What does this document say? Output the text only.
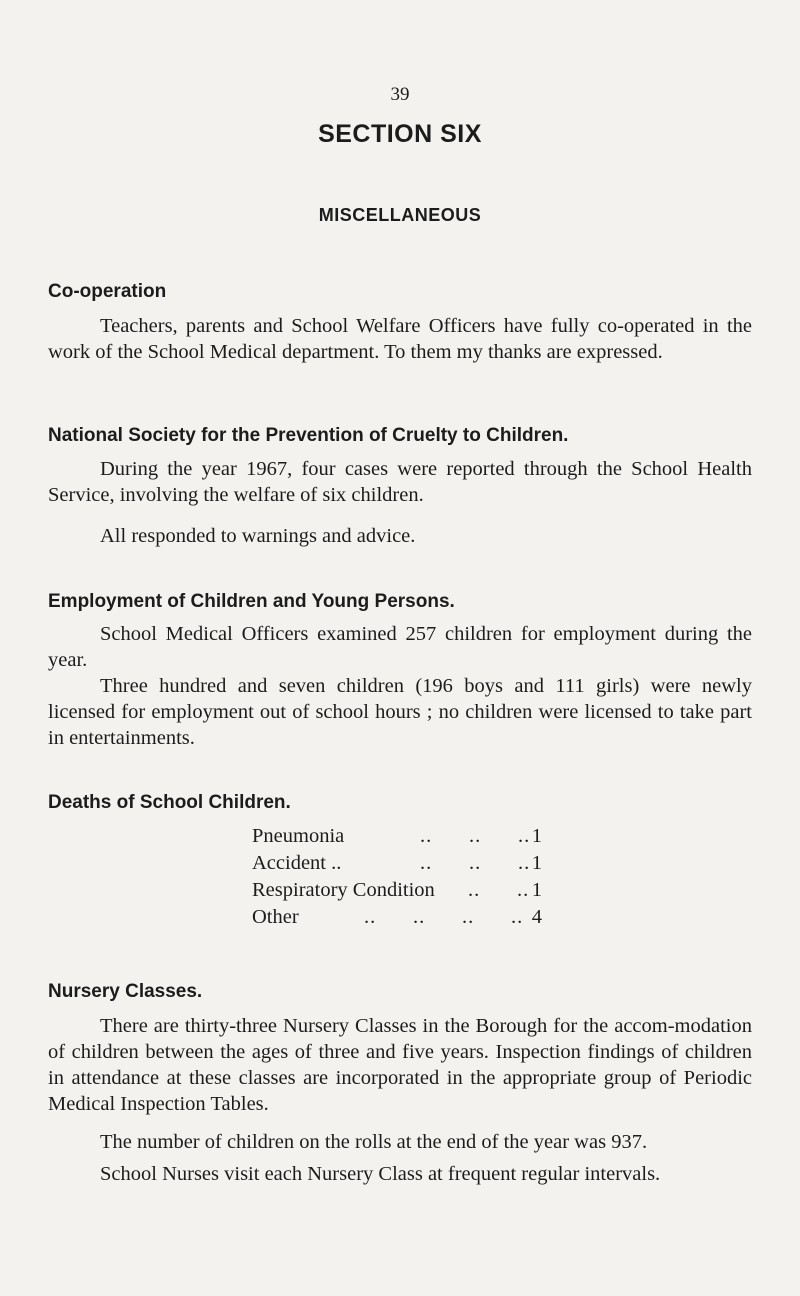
39
SECTION SIX
MISCELLANEOUS
Co-operation

Teachers, parents and School Welfare Officers have fully co-operated in the work of the School Medical department. To them my thanks are expressed.

National Society for the Prevention of Cruelty to Children.

During the year 1967, four cases were reported through the School Health Service, involving the welfare of six children.

All responded to warnings and advice.

Employment of Children and Young Persons.

School Medical Officers examined 257 children for employment during the year.

Three hundred and seven children (196 boys and 111 girls) were newly licensed for employment out of school hours ; no children were licensed to take part in entertainments.

Deaths of School Children.
Pneumonia	..      ..      .. 1
Accident ..	..      ..      .. 1
Respiratory Condition ..      .. 1
Other	..      ..      ..      .. 4
Nursery Classes.

There are thirty-three Nursery Classes in the Borough for the accom-modation of children between the ages of three and five years. Inspection findings of children in attendance at these classes are incorporated in the appropriate group of Periodic Medical Inspection Tables.

The number of children on the rolls at the end of the year was 937.

School Nurses visit each Nursery Class at frequent regular intervals.
